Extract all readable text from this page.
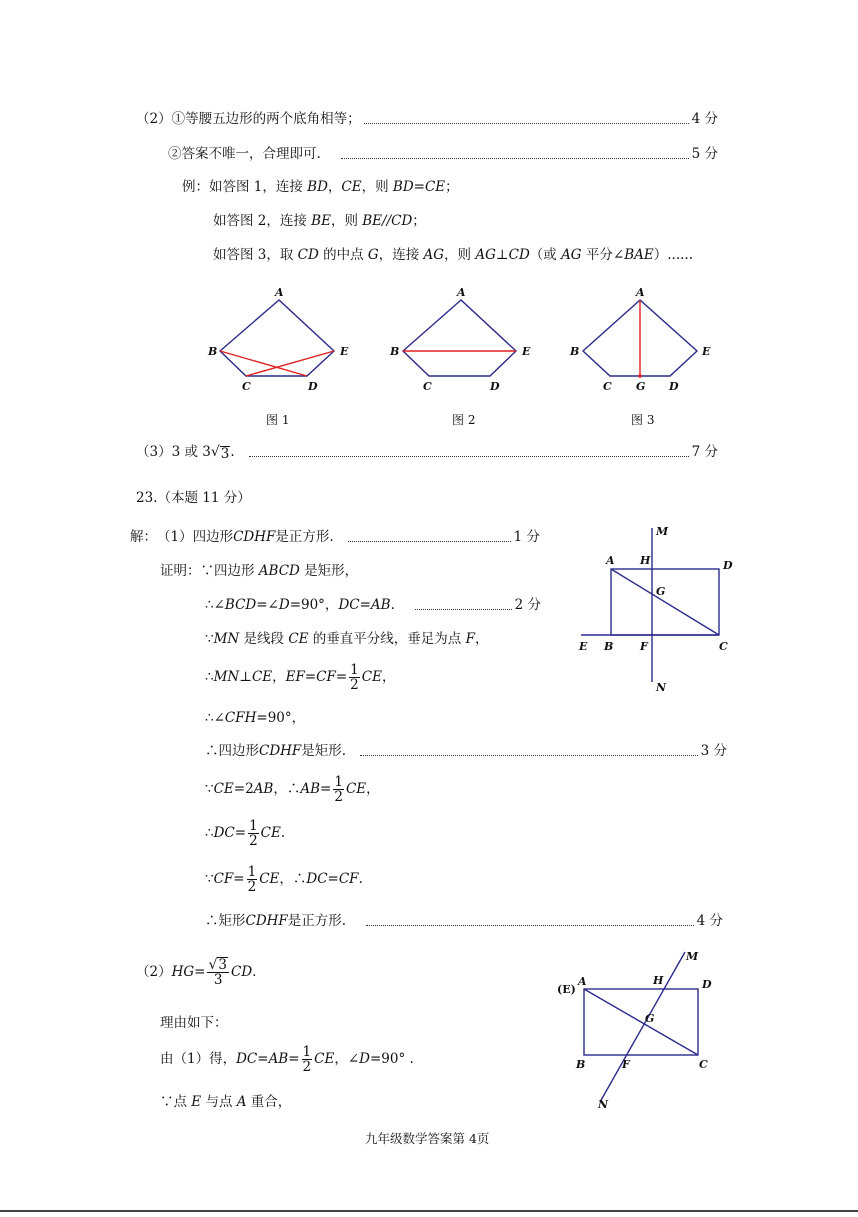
（2） ①等腰五边形的两个底角相等；	4 分
②答案不唯一，合理即可.	5 分
例：如答图 1，连接 BD，CE，则 BD=CE；
如答图 2，连接 BE，则 BE//CD；
如答图 3，取 CD 的中点 G，连接 AG，则 AG⊥CD（或 AG 平分∠BAE）......
A
B
C	D
E
A
B
C	D
E
A
B
C G D
E
图 1	图 2	图 3
（3） 3 或 3 √ 3 .	7 分
23.（本题 11 分）
解： （1）四边形 CDHF 是正方形.	1 分
证明：∵四边形 ABCD 是矩形，
∴∠ BCD =∠ D =90°， DC=AB .	2 分
∵MN 是线段 CE 的垂直平分线，垂足为点 F，
∴ MN ⊥ CE ， $EF=CF= \frac{1}{2}$ CE ，
∴∠CFH=90°，
∴四边形 CDHF 是矩形.	3 分
∵ CE =2 AB ，∴ AB = $\frac{1}{2}$ CE ，
∴ DC = $\frac{1}{2}$ CE .
∵ CF = $\frac{1}{2}$ CE ，∴ DC=CF .
∴矩形 CDHF 是正方形.	4 分
（2） HG = $\frac{√ 3}{3}$ CD .
理由如下：
由（1）得， DC = AB = $\frac{1}{2}$ CE ，∠ D =90° .
∵点 E 与点 A 重合，
M
A H	D
G
E B F	C
N
M
(E)
A	H	D
G
B	F	C
N
九年级数学答案第 4页
